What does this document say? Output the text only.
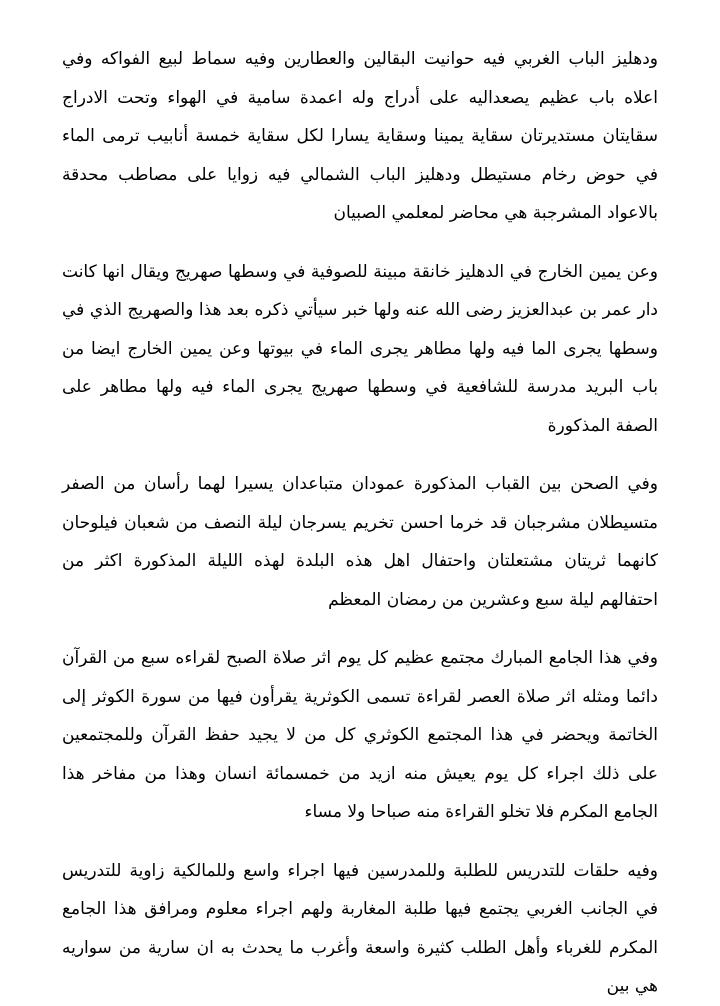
ودهليز الباب الغربي فيه حوانيت البقالين والعطارين وفيه سماط لبيع الفواكه وفي اعلاه باب عظيم يصعداليه على أدراج وله اعمدة سامية في الهواء وتحت الادراج سقايتان مستديرتان سقاية يمينا وسقاية يسارا لكل سقاية خمسة أنابيب ترمى الماء في حوض رخام مستيطل ودهليز الباب الشمالي فيه زوايا على مصاطب محدقة بالاعواد المشرجبة هي محاضر لمعلمي الصبيان

وعن يمين الخارج في الدهليز خانقة مبينة للصوفية في وسطها صهريج ويقال انها كانت دار عمر بن عبدالعزيز رضى الله عنه ولها خبر سيأتي ذكره بعد هذا والصهريج الذي في وسطها يجرى الما فيه ولها مطاهر يجرى الماء في بيوتها وعن يمين الخارج ايضا من باب البريد مدرسة للشافعية في وسطها صهريج يجرى الماء فيه ولها مطاهر على الصفة المذكورة

وفي الصحن بين القباب المذكورة عمودان متباعدان يسيرا لهما رأسان من الصفر متسيطلان مشرجبان قد خرما احسن تخريم يسرجان ليلة النصف من شعبان فيلوحان كانهما ثريتان مشتعلتان واحتفال اهل هذه البلدة لهذه الليلة المذكورة اكثر من احتفالهم ليلة سبع وعشرين من رمضان المعظم

وفي هذا الجامع المبارك مجتمع عظيم كل يوم اثر صلاة الصبح لقراءه سبع من القرآن دائما ومثله اثر صلاة العصر لقراءة تسمى الكوثرية يقرأون فيها من سورة الكوثر إلى الخاتمة ويحضر في هذا المجتمع الكوثري كل من لا يجيد حفظ القرآن وللمجتمعين على ذلك اجراء كل يوم يعيش منه ازيد من خمسمائة انسان وهذا من مفاخر هذا الجامع المكرم فلا تخلو القراءة منه صباحا ولا مساء

وفيه حلقات للتدريس للطلبة وللمدرسين فيها اجراء واسع وللمالكية زاوية للتدريس في الجانب الغربي يجتمع فيها طلبة المغاربة ولهم اجراء معلوم ومرافق هذا الجامع المكرم للغرباء وأهل الطلب كثيرة واسعة وأغرب ما يحدث به ان سارية من سواريه هي بين
